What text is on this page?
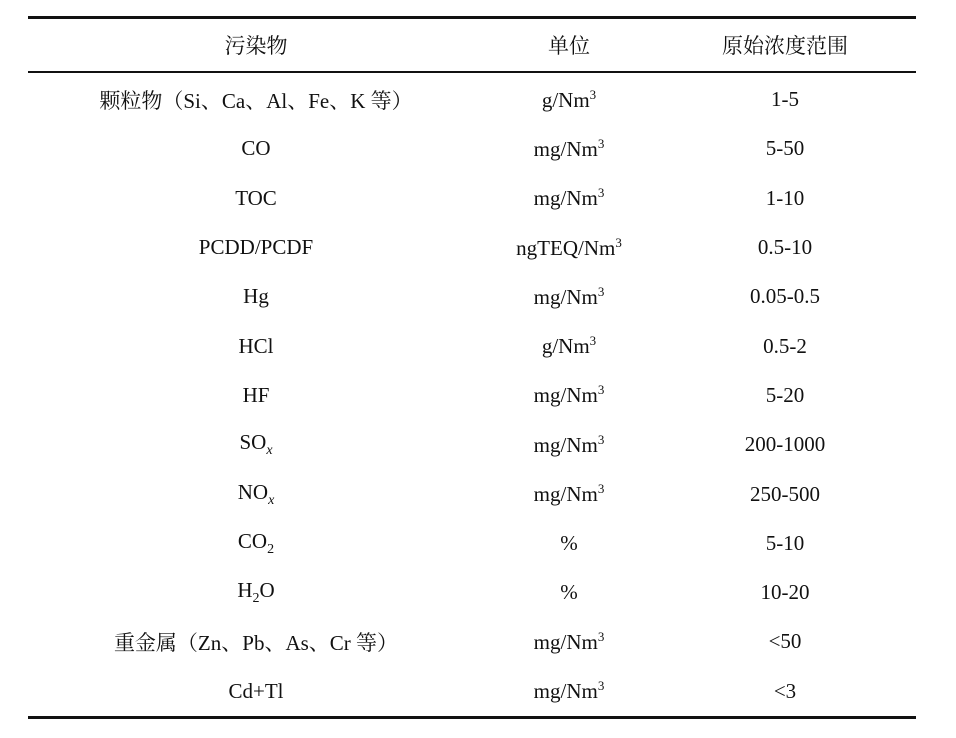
污染物	单位	原始浓度范围
颗粒物（Si、Ca、Al、Fe、K 等）	g/Nm$^3$	1-5
CO	mg/Nm$^3$	5-50
TOC	mg/Nm$^3$	1-10
PCDD/PCDF	ngTEQ/Nm$^3$	0.5-10
Hg	mg/Nm$^3$	0.05-0.5
HCl	g/Nm$^3$	0.5-2
HF	mg/Nm$^3$	5-20
$SO_x$	mg/Nm$^3$	200-1000
$NO_x$	mg/Nm$^3$	250-500
$CO_2$	%	5-10
$H_2O$	%	10-20
重金属（Zn、Pb、As、Cr 等）	$mg/Nm^3$	<50
Cd+Tl	$mg/Nm^3$	<3
